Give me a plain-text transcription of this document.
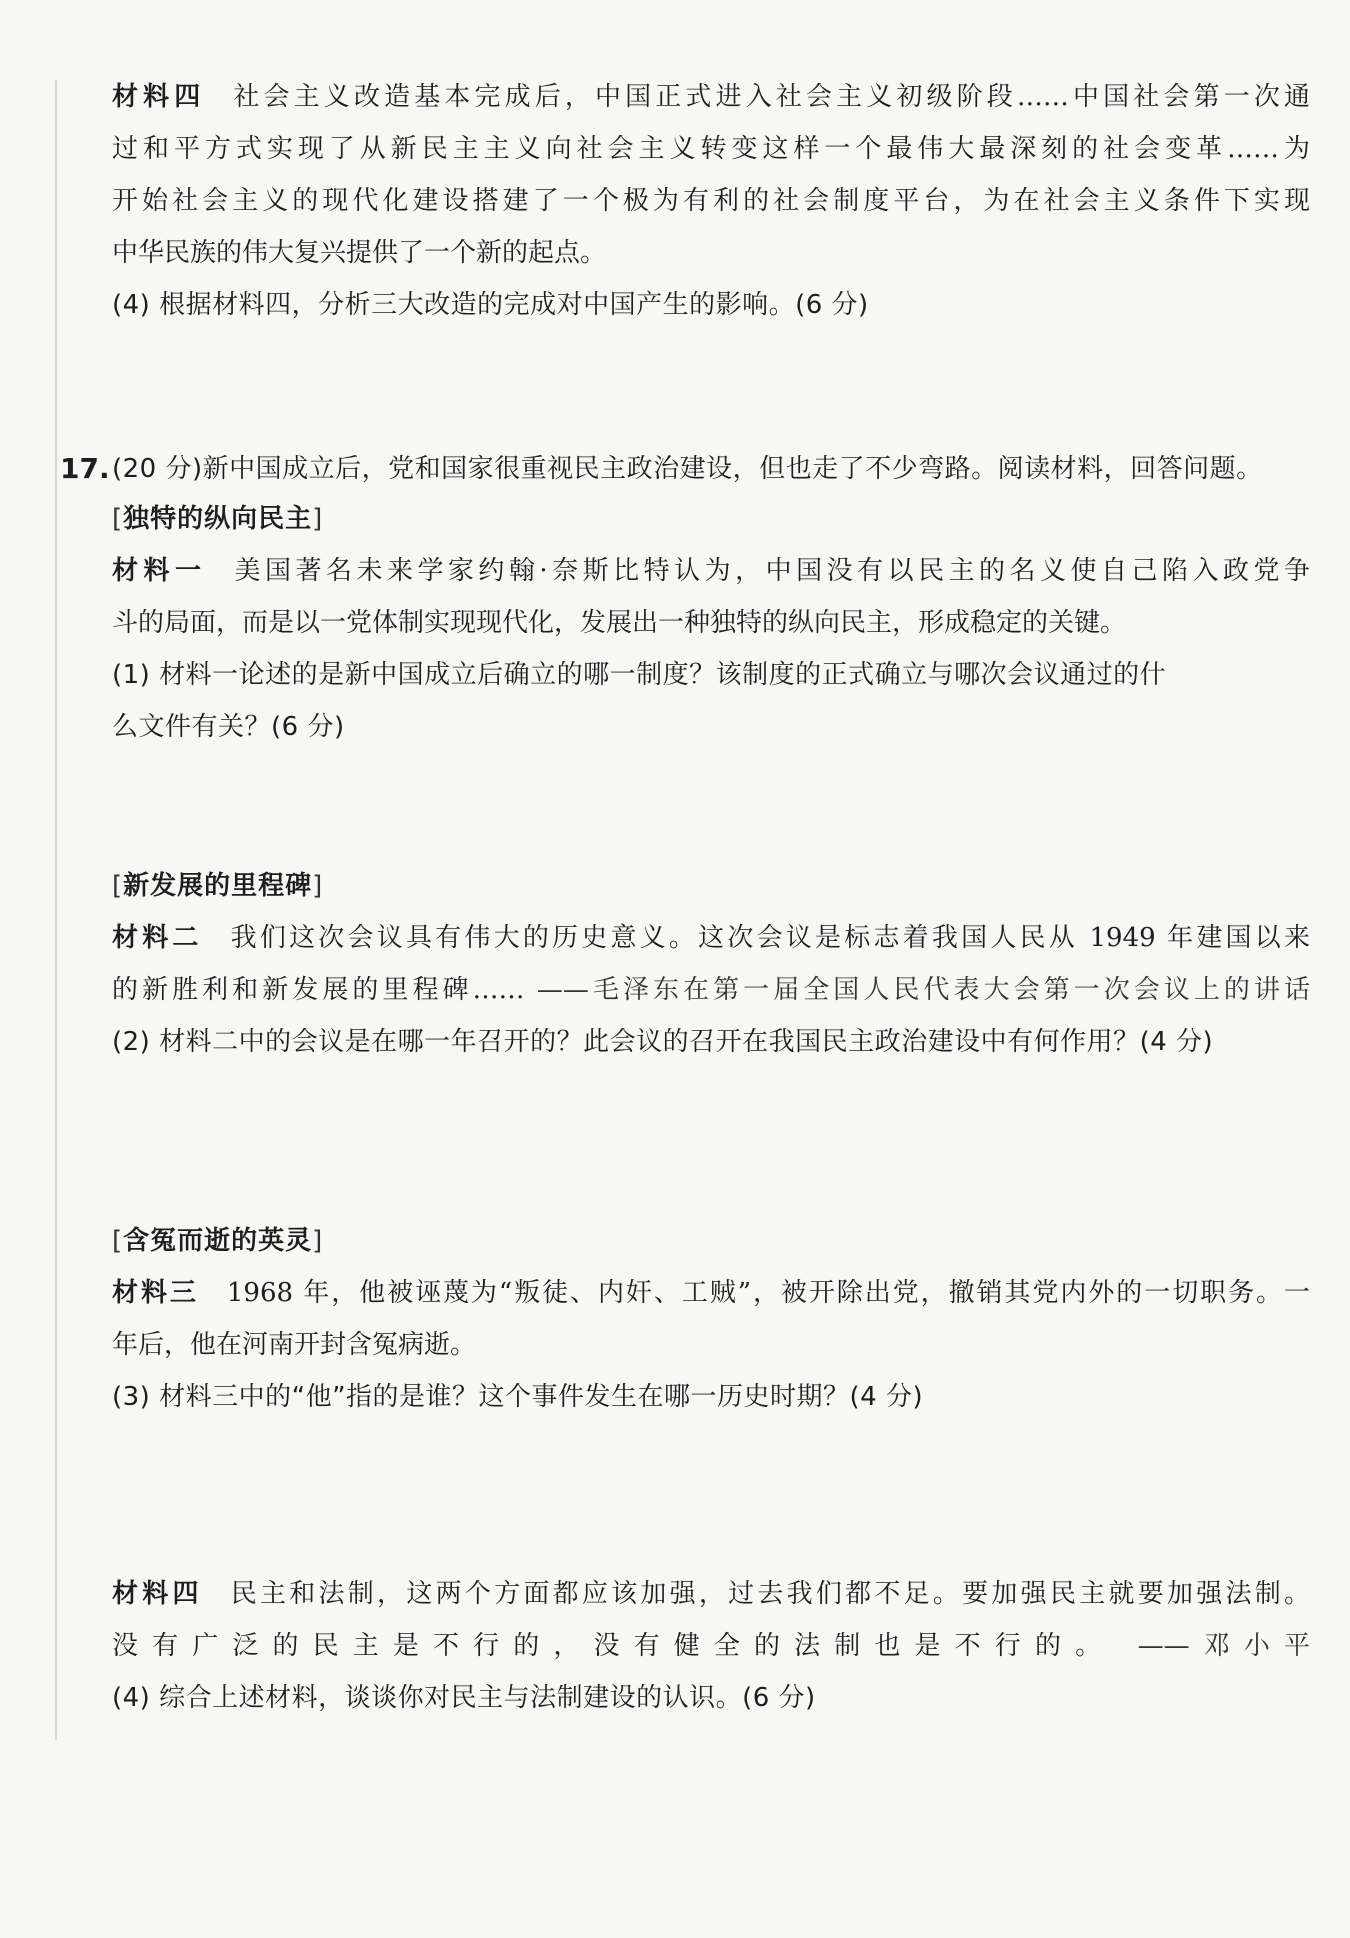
材料四 社会主义改造基本完成后，中国正式进入社会主义初级阶段……中国社会第一次通
过和平方式实现了从新民主主义向社会主义转变这样一个最伟大最深刻的社会变革……为
开始社会主义的现代化建设搭建了一个极为有利的社会制度平台，为在社会主义条件下实现
中华民族的伟大复兴提供了一个新的起点。
(4) 根据材料四，分析三大改造的完成对中国产生的影响。(6 分)
17. (20 分)新中国成立后，党和国家很重视民主政治建设，但也走了不少弯路。阅读材料，回答问题。
[独特的纵向民主]
材料一 美国著名未来学家约翰·奈斯比特认为，中国没有以民主的名义使自己陷入政党争
斗的局面，而是以一党体制实现现代化，发展出一种独特的纵向民主，形成稳定的关键。
(1) 材料一论述的是新中国成立后确立的哪一制度？该制度的正式确立与哪次会议通过的什
么文件有关？(6 分)
[新发展的里程碑]
材料二 我们这次会议具有伟大的历史意义。这次会议是标志着我国人民从 1949 年建国以来
的新胜利和新发展的里程碑…… ——毛泽东在第一届全国人民代表大会第一次会议上的讲话
(2) 材料二中的会议是在哪一年召开的？此会议的召开在我国民主政治建设中有何作用？(4 分)
[含冤而逝的英灵]
材料三 1968 年，他被诬蔑为“叛徒、内奸、工贼”，被开除出党，撤销其党内外的一切职务。一
年后，他在河南开封含冤病逝。
(3) 材料三中的“他”指的是谁？这个事件发生在哪一历史时期？(4 分)
材料四 民主和法制，这两个方面都应该加强，过去我们都不足。要加强民主就要加强法制。
没有广泛的民主是不行的，没有健全的法制也是不行的。 ——邓小平
(4) 综合上述材料，谈谈你对民主与法制建设的认识。(6 分)
